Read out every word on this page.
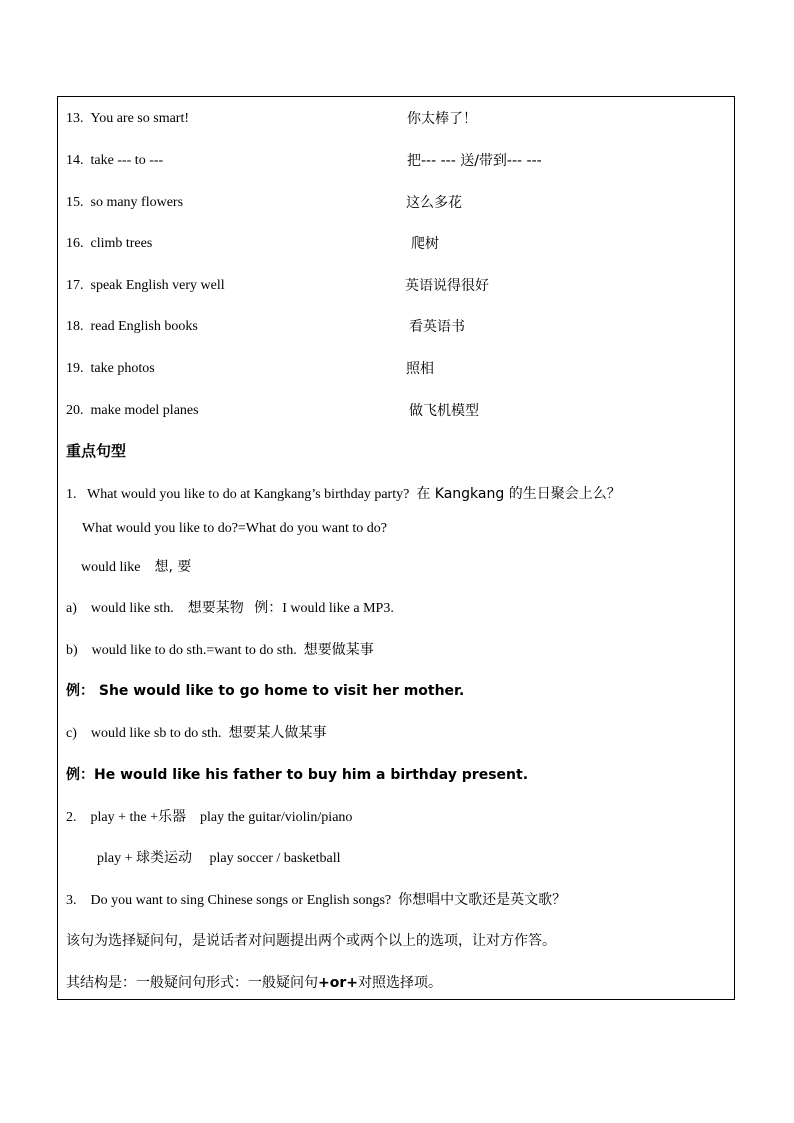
13. You are so smart!	你太棒了！
14. take --- to ---	把--- --- 送/带到--- ---
15. so many flowers	这么多花
16. climb trees	爬树
17. speak English very well	英语说得很好
18. read English books	看英语书
19. take photos	照相
20. make model planes	做飞机模型
重点句型
1. What would you like to do at Kangkang’s birthday party? 在 Kangkang 的生日聚会上么？
What would you like to do?=What do you want to do?
would like 想, 要
a) would like sth. 想要某物 例：I would like a MP3.
b) would like to do sth.=want to do sth. 想要做某事
例： She would like to go home to visit her mother.
c) would like sb to do sth. 想要某人做某事
例：He would like his father to buy him a birthday present.
2. play + the +乐器 play the guitar/violin/piano
play + 球类运动 play soccer / basketball
3. Do you want to sing Chinese songs or English songs? 你想唱中文歌还是英文歌？
该句为选择疑问句，是说话者对问题提出两个或两个以上的选项，让对方作答。
其结构是：一般疑问句形式：一般疑问句+or+对照选择项。
